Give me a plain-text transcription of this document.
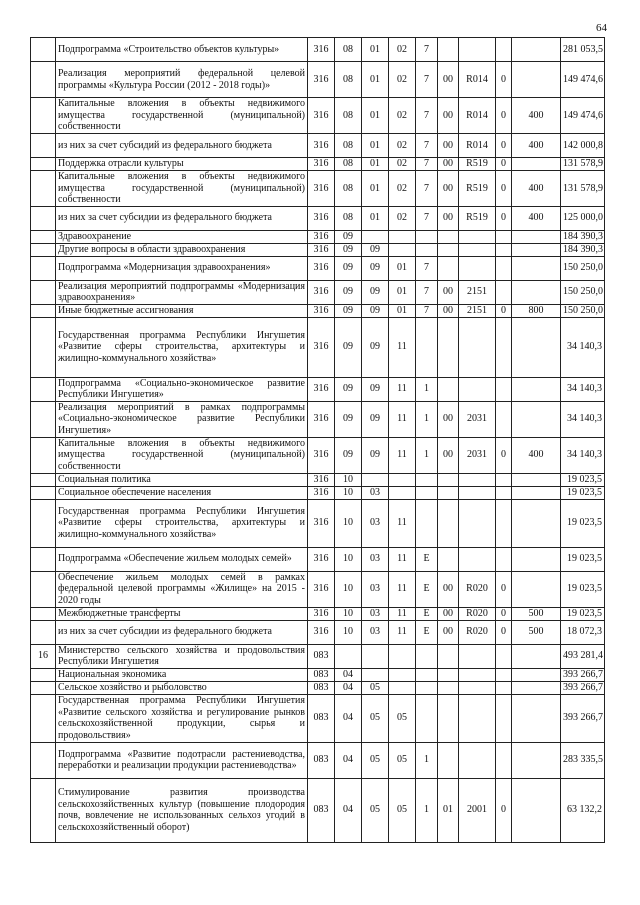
64
	Подпрограмма «Строительство объектов культуры»	316	08	01	02	7					281 053,5
	Реализация мероприятий федеральной целевой программы «Культура России (2012 - 2018 годы)»	316	08	01	02	7	00	R014	0		149 474,6
	Капитальные вложения в объекты недвижимого имущества государственной (муниципальной) собственности	316	08	01	02	7	00	R014	0	400	149 474,6
	из них за счет субсидий из федерального бюджета	316	08	01	02	7	00	R014	0	400	142 000,8
	Поддержка отрасли культуры	316	08	01	02	7	00	R519	0		131 578,9
	Капитальные вложения в объекты недвижимого имущества государственной (муниципальной) собственности	316	08	01	02	7	00	R519	0	400	131 578,9
	из них за счет субсидии из федерального бюджета	316	08	01	02	7	00	R519	0	400	125 000,0
	Здравоохранение	316	09								184 390,3
	Другие вопросы в области здравоохранения	316	09	09							184 390,3
	Подпрограмма «Модернизация здравоохранения»	316	09	09	01	7					150 250,0
	Реализация мероприятий подпрограммы «Модернизация здравоохранения»	316	09	09	01	7	00	2151			150 250,0
	Иные бюджетные ассигнования	316	09	09	01	7	00	2151	0	800	150 250,0
	Государственная программа Республики Ингушетия «Развитие сферы строительства, архитектуры и жилищно-коммунального хозяйства»	316	09	09	11						34 140,3
	Подпрограмма «Социально-экономическое развитие Республики Ингушетия»	316	09	09	11	1					34 140,3
	Реализация мероприятий в рамках подпрограммы «Социально-экономическое развитие Республики Ингушетия»	316	09	09	11	1	00	2031			34 140,3
	Капитальные вложения в объекты недвижимого имущества государственной (муниципальной) собственности	316	09	09	11	1	00	2031	0	400	34 140,3
	Социальная политика	316	10								19 023,5
	Социальное обеспечение населения	316	10	03							19 023,5
	Государственная программа Республики Ингушетия «Развитие сферы строительства, архитектуры и жилищно-коммунального хозяйства»	316	10	03	11						19 023,5
	Подпрограмма «Обеспечение жильем молодых семей»	316	10	03	11	Е					19 023,5
	Обеспечение жильем молодых семей в рамках федеральной целевой программы «Жилище» на 2015 - 2020 годы	316	10	03	11	Е	00	R020	0		19 023,5
	Межбюджетные трансферты	316	10	03	11	Е	00	R020	0	500	19 023,5
	из них за счет субсидии из федерального бюджета	316	10	03	11	Е	00	R020	0	500	18 072,3
16	Министерство сельского хозяйства и продовольствия Республики Ингушетия	083									493 281,4
	Национальная экономика	083	04								393 266,7
	Сельское хозяйство и рыболовство	083	04	05							393 266,7
	Государственная программа Республики Ингушетия «Развитие сельского хозяйства и регулирование рынков сельскохозяйственной продукции, сырья и продовольствия»	083	04	05	05						393 266,7
	Подпрограмма «Развитие подотрасли растениеводства, переработки и реализации продукции растениеводства»	083	04	05	05	1					283 335,5
	Стимулирование развития производства сельскохозяйственных культур (повышение плодородия почв, вовлечение не использованных сельхоз угодий в сельскохозяйственный оборот)	083	04	05	05	1	01	2001	0		63 132,2
